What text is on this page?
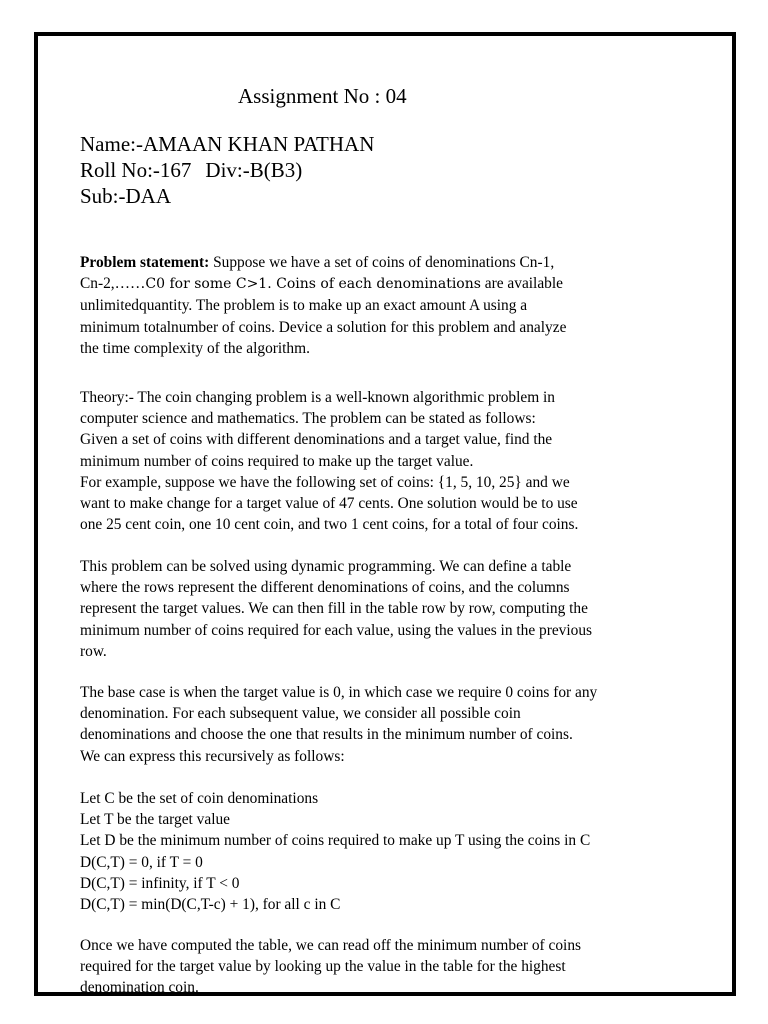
Assignment No : 04
Name:-AMAAN KHAN PATHAN
Roll No:-167 Div:-B(B3)
Sub:-DAA
Problem statement: Suppose we have a set of coins of denominations Cn-1,
Cn-2,……C0 for some C>1. Coins of each denominations are available
unlimitedquantity. The problem is to make up an exact amount A using a
minimum totalnumber of coins. Device a solution for this problem and analyze
the time complexity of the algorithm.
Theory:- The coin changing problem is a well-known algorithmic problem in
computer science and mathematics. The problem can be stated as follows:
Given a set of coins with different denominations and a target value, find the
minimum number of coins required to make up the target value.
For example, suppose we have the following set of coins: {1, 5, 10, 25} and we
want to make change for a target value of 47 cents. One solution would be to use
one 25 cent coin, one 10 cent coin, and two 1 cent coins, for a total of four coins.
This problem can be solved using dynamic programming. We can define a table
where the rows represent the different denominations of coins, and the columns
represent the target values. We can then fill in the table row by row, computing the
minimum number of coins required for each value, using the values in the previous
row.
The base case is when the target value is 0, in which case we require 0 coins for any
denomination. For each subsequent value, we consider all possible coin
denominations and choose the one that results in the minimum number of coins.
We can express this recursively as follows:
Let C be the set of coin denominations
Let T be the target value
Let D be the minimum number of coins required to make up T using the coins in C
D(C,T) = 0, if T = 0
D(C,T) = infinity, if T < 0
D(C,T) = min(D(C,T-c) + 1), for all c in C
Once we have computed the table, we can read off the minimum number of coins
required for the target value by looking up the value in the table for the highest
denomination coin.
